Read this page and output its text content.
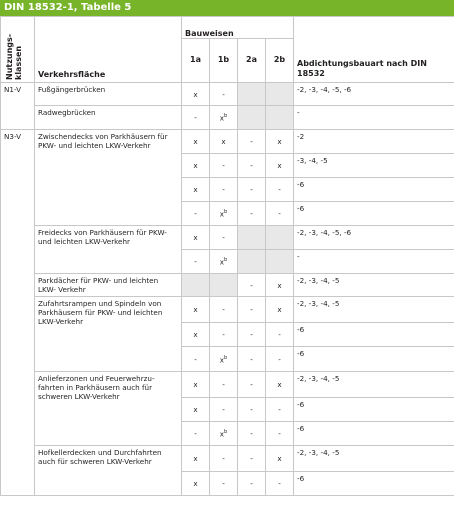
DIN 18532-1, Tabelle 5
Nutzungs-klassen	Verkehrsfläche	Bauweisen				Abdichtungsbauart nach DIN 18532
		1a	1b	2a	2b	
N1-V	Fußgängerbrücken	x	-			-2, -3, -4, -5, -6
	Radwegbrücken	-	$x^b$			-
N3-V	Zwischendecks von Parkhäusern für PKW- und leichten LKW-Verkehr	x	x	-	x	-2
		x	-	-	x	-3, -4, -5
		x	-	-	-	-6
		-	$x^b$	-	-	-6
	Freidecks von Parkhäusern für PKW- und leichten LKW-Verkehr	x	-			-2, -3, -4, -5, -6
		-	$x^b$			-
	Parkdächer für PKW- und leichten LKW- Verkehr			-	x	-2, -3, -4, -5
	Zufahrtsrampen und Spindeln von Parkhäusern für PKW- und leichten LKW-Verkehr	x	-	-	x	-2, -3, -4, -5
		x	-	-	-	-6
		-	$x^b$	-	-	-6
	Anlieferzonen und Feuerwehrzu-fahrten in Parkhäusern auch für schweren LKW-Verkehr	x	-	-	x	-2, -3, -4, -5
		x	-	-	-	-6
		-	$x^b$	-	-	-6
	Hofkellerdecken und Durchfahrten auch für schweren LKW-Verkehr	x	-	-	x	-2, -3, -4, -5
		x	-	-	-	-6
